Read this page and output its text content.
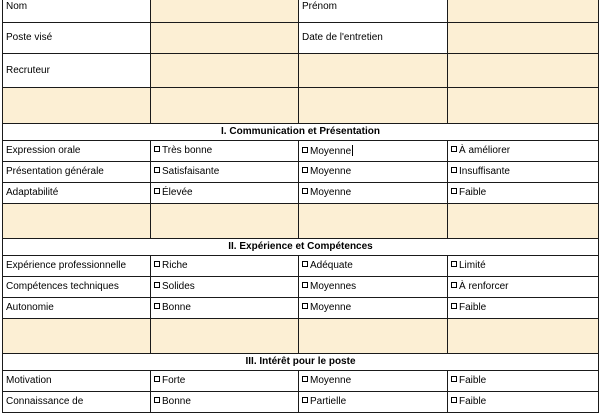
Nom		Prénom	
Poste visé		Date de l'entretien	
Recruteur			

I. Communication et Présentation			
Expression orale	Très bonne	Moyenne	À améliorer
Présentation générale	Satisfaisante	Moyenne	Insuffisante
Adaptabilité	Élevée	Moyenne	Faible

II. Expérience et Compétences			
Expérience professionnelle	Riche	Adéquate	Limité
Compétences techniques	Solides	Moyennes	À renforcer
Autonomie	Bonne	Moyenne	Faible

III. Intérêt pour le poste			
Motivation	Forte	Moyenne	Faible
Connaissance de	Bonne	Partielle	Faible
